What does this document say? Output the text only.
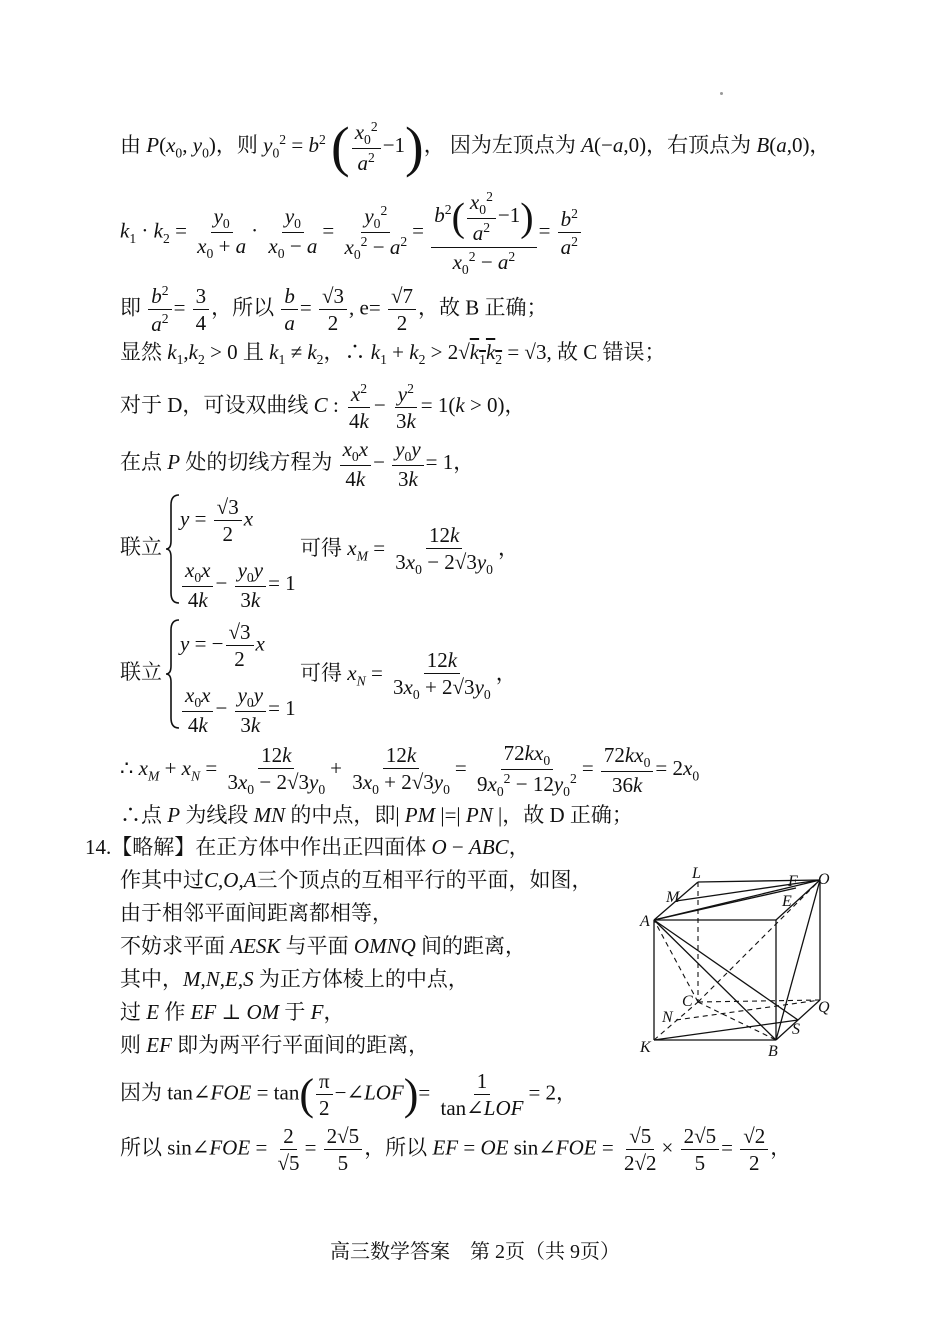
由 $P(x_0$, $y_0$)，则 $y_0^2 = b^2$ ( $\frac{x_0^2}{a^2} -1$)， 因为左顶点为 A(−a,0)，右顶点为 B(a,0)，
$k_1 \cdot k_2 = \frac{y_0}{x_0 + a} \cdot \frac{y_0}{x_0 - a} = \frac{y_0^2}{x_0^2 - a^2} = \frac{b^2( \frac{x_0^2}{a^2} -1)}{x_0^2 - a^2} = \frac{b^2}{a^2}$
即 $\frac{b^2}{a^2} = \frac{3}{4}$ ，所以 $\frac{b}{a} = \frac{√3}{2}$ , $e= \frac{√7}{2}$ ，故 B 正确；
显然 $k_1,k_2 > 0$ 且 $k_1 \ne k_2$，∴ $k_1 + k_2 > 2√k_1k_2 = √3$, 故 C 错误；
对于 D，可设双曲线 C : $\frac{x^2}{4k} - \frac{y^2}{3k} = 1(k > 0)$，
在点 P 处的切线方程为 $\frac{x_0x}{4k} - \frac{y_0y}{3k} = 1$，
联立
$y = \frac{√3}{2}$ x
$\frac{x_0x}{4k} - \frac{y_0y}{3k} = 1$
可得 $x_M = \frac{12k}{3x_0 - 2√3y_0}$ ，
联立
y = − $\frac{√3}{2}$ x
$\frac{x_0x}{4k} - \frac{y_0y}{3k} = 1$
可得 $x_N = \frac{12k}{3x_0 + 2√3y_0}$ ，
∴ $x_M + x_N = \frac{12k}{3x_0 - 2√3y_0} + \frac{12k}{3x_0 + 2√3y_0} = \frac{72kx_0}{9x_0^2 - 12y_0^2} = \frac{72kx_0}{36k} = 2x_0$
∴点 P 为线段 MN 的中点，即| PM |=| PN |，故 D 正确；
14.【略解】在正方体中作出正四面体 O − ABC，
作其中过C,O,A三个顶点的互相平行的平面，如图，
由于相邻平面间距离都相等，
不妨求平面 AESK 与平面 OMNQ 间的距离，
其中，M,N,E,S 为正方体棱上的中点，
过 E 作 EF ⊥ OM 于 F，
则 EF 即为两平行平面间的距离，
因为 tan∠FOE = $\tan( \frac{\pi}{2}$ −∠LOF)= $\frac{1}{\text{tan∠LOF}} = 2$，
所以 sin∠FOE = $\frac{2}{√5} = \frac{2√5}{5}$ ，所以 EF = OE sin∠FOE = $\frac{√5}{2√2} \times \frac{2√5}{5} = \frac{√2}{2}$ ，
L
M
F O
E
A
C	Q
N
S
K	B
高三数学答案　第 2页（共 9页）
